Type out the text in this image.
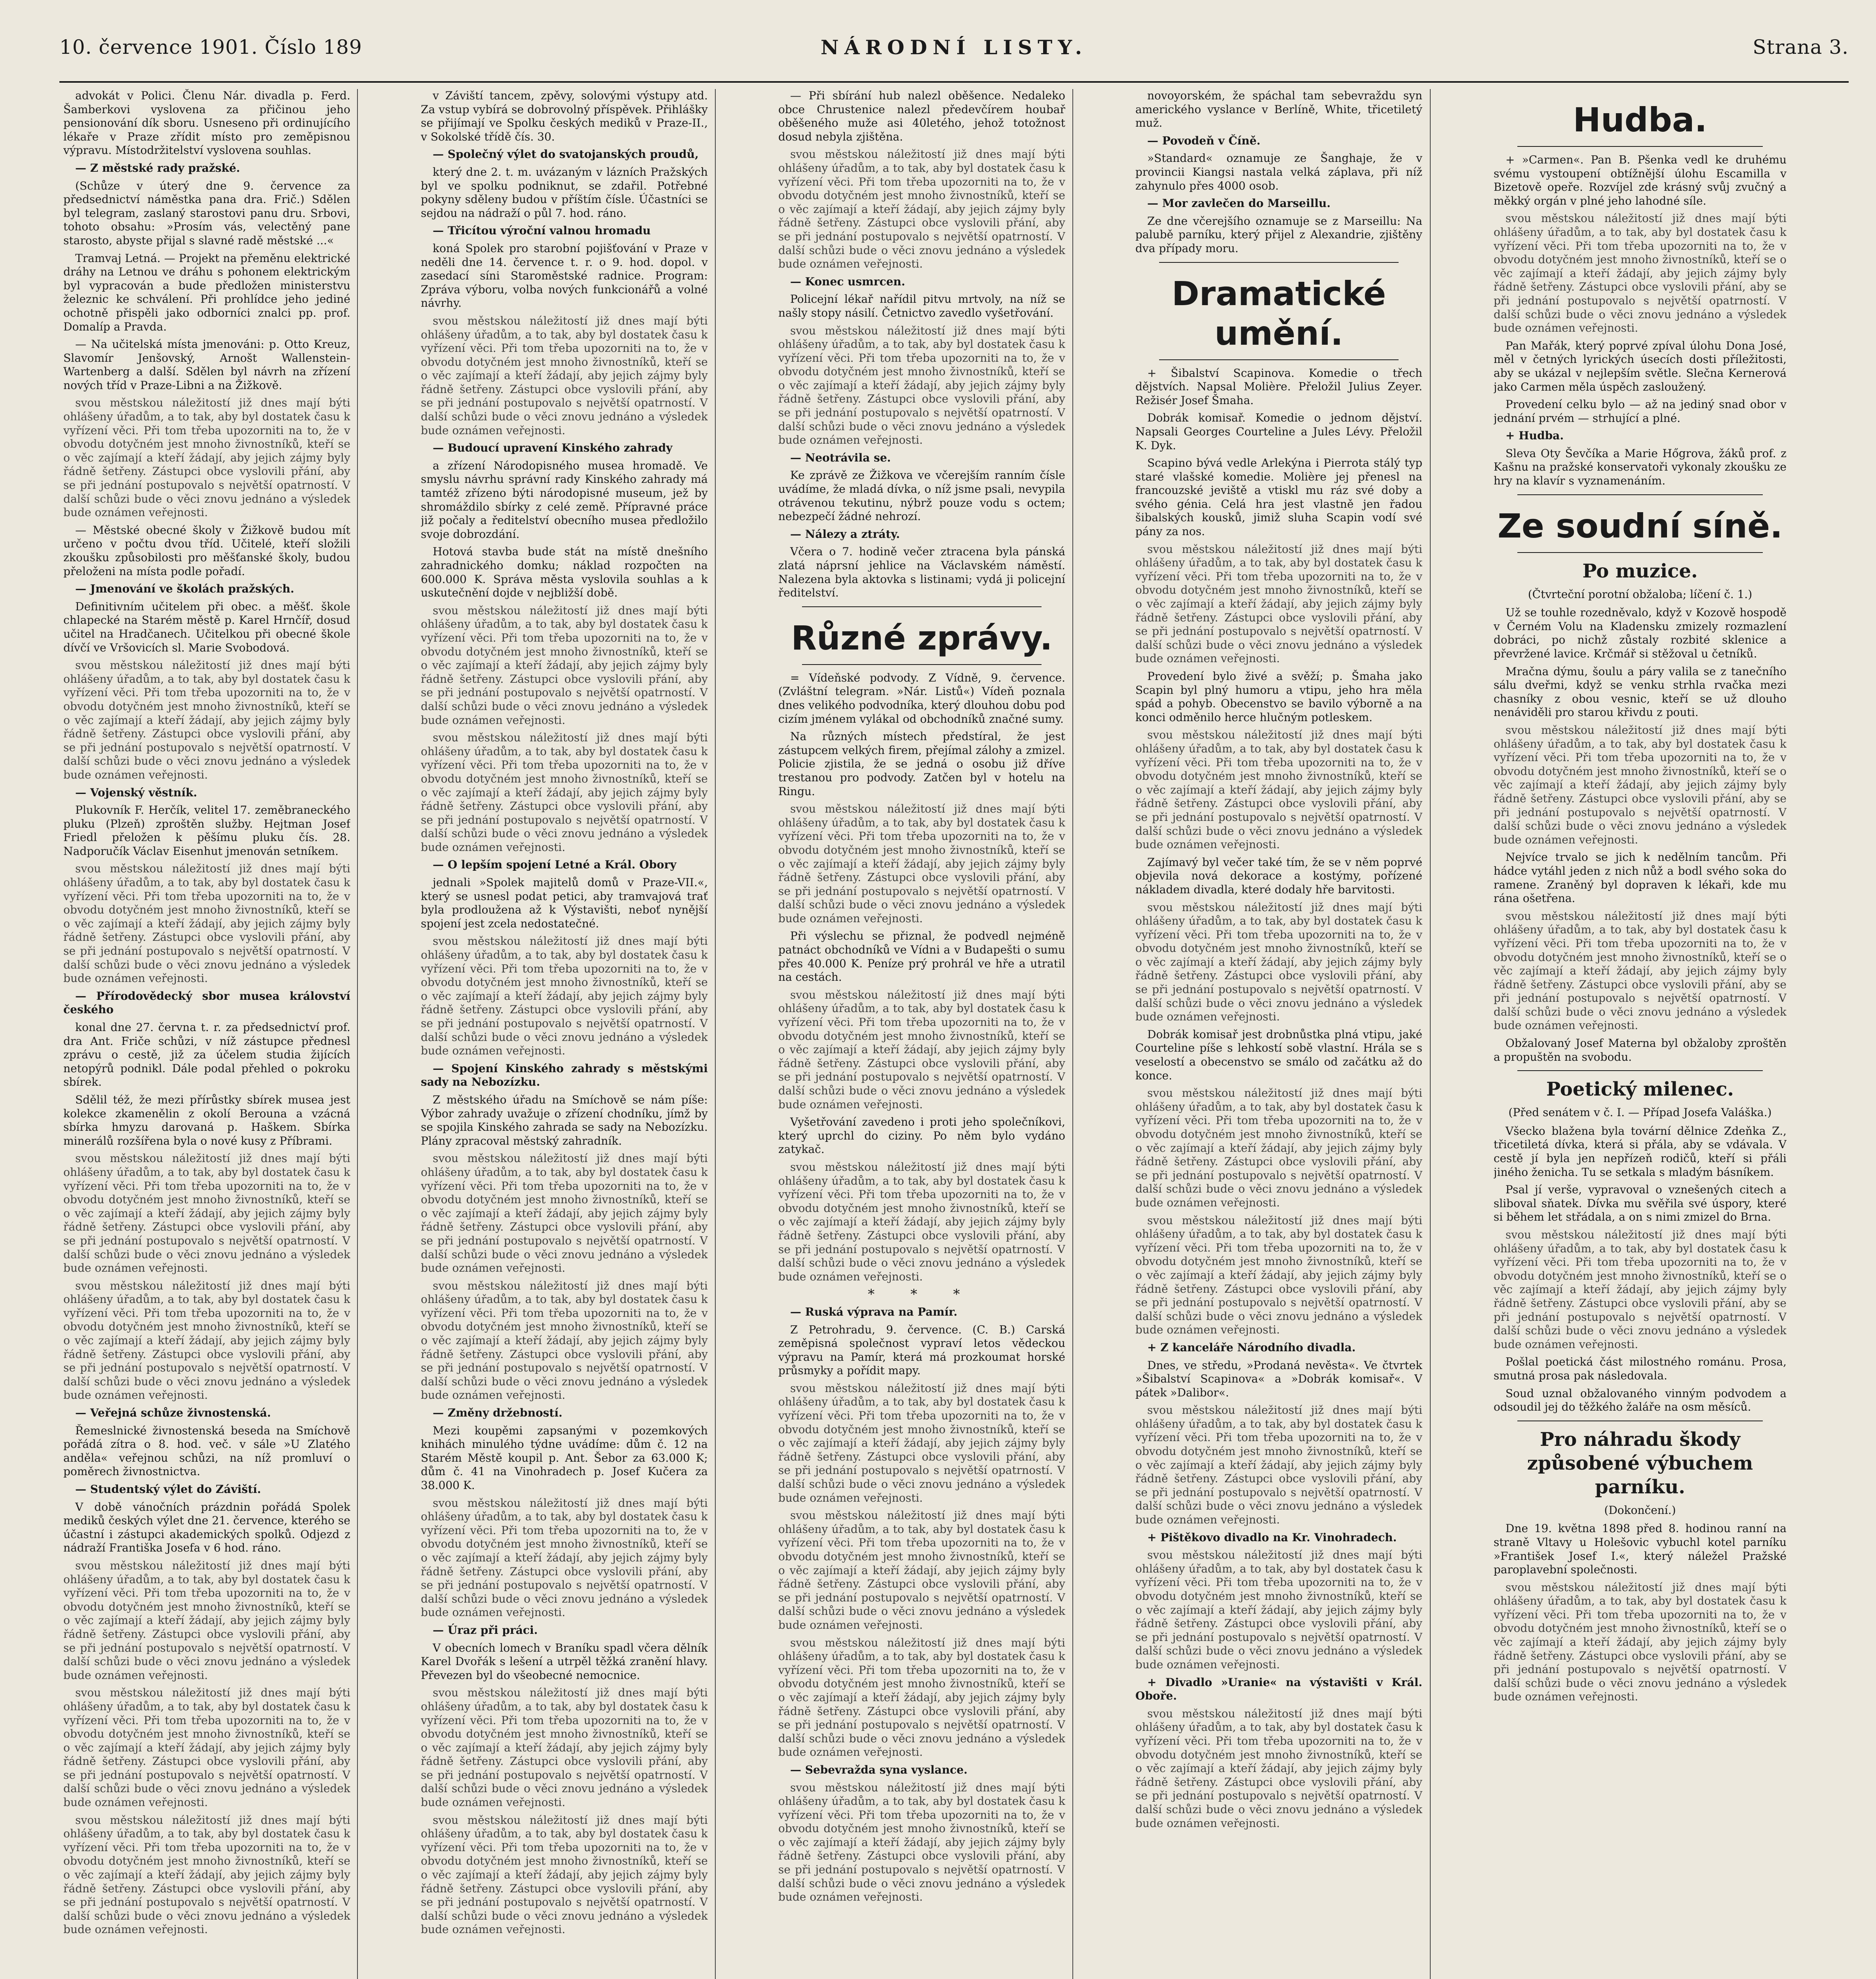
10. července 1901. Číslo 189	NÁRODNÍ LISTY.	Strana 3.

advokát v Polici. Členu Nár. divadla p. Ferd. Šamberkovi vyslovena za přičinou jeho pensionování dík sboru. Usneseno při ordinujícího lékaře v Praze zřídit místo pro zeměpisnou výpravu. Místodržitelství vyslovena souhlas.

— Z městské rady pražské.

(Schůze v úterý dne 9. července za předsednictví náměstka pana dra. Frič.) Sdělen byl telegram, zaslaný starostovi panu dru. Srbovi, tohoto obsahu: »Prosím vás, velectěný pane starosto, abyste přijal s slavné radě městské ...«

Tramvaj Letná. — Projekt na přeměnu elektrické dráhy na Letnou ve dráhu s pohonem elektrickým byl vypracován a bude předložen ministerstvu železnic ke schválení. Při prohlídce jeho jediné ochotně přispěli jako odborníci znalci pp. prof. Domalíp a Pravda.

— Na učitelská místa jmenováni: p. Otto Kreuz, Slavomír Jenšovský, Arnošt Wallenstein-Wartenberg a další. Sdělen byl návrh na zřízení nových tříd v Praze-Libni a na Žižkově.

svou městskou náležitostí již dnes mají býti ohlášeny úřadům, a to tak, aby byl dostatek času k vyřízení věci. Při tom třeba upozorniti na to, že v obvodu dotyčném jest mnoho živnostníků, kteří se o věc zajímají a kteří žádají, aby jejich zájmy byly řádně šetřeny. Zástupci obce vyslovili přání, aby se při jednání postupovalo s největší opatrností. V další schůzi bude o věci znovu jednáno a výsledek bude oznámen veřejnosti.

— Městské obecné školy v Žižkově budou mít určeno v počtu dvou tříd. Učitelé, kteří složili zkoušku způsobilosti pro měšťanské školy, budou přeloženi na místa podle pořadí.

— Jmenování ve školách pražských.

Definitivním učitelem při obec. a měšť. škole chlapecké na Starém městě p. Karel Hrnčíř, dosud učitel na Hradčanech. Učitelkou při obecné škole dívčí ve Vršovicích sl. Marie Svobodová.

svou městskou náležitostí již dnes mají býti ohlášeny úřadům, a to tak, aby byl dostatek času k vyřízení věci. Při tom třeba upozorniti na to, že v obvodu dotyčném jest mnoho živnostníků, kteří se o věc zajímají a kteří žádají, aby jejich zájmy byly řádně šetřeny. Zástupci obce vyslovili přání, aby se při jednání postupovalo s největší opatrností. V další schůzi bude o věci znovu jednáno a výsledek bude oznámen veřejnosti.

— Vojenský věstník.

Plukovník F. Herčík, velitel 17. zeměbraneckého pluku (Plzeň) zproštěn služby. Hejtman Josef Friedl přeložen k pěšímu pluku čís. 28. Nadporučík Václav Eisenhut jmenován setníkem.

svou městskou náležitostí již dnes mají býti ohlášeny úřadům, a to tak, aby byl dostatek času k vyřízení věci. Při tom třeba upozorniti na to, že v obvodu dotyčném jest mnoho živnostníků, kteří se o věc zajímají a kteří žádají, aby jejich zájmy byly řádně šetřeny. Zástupci obce vyslovili přání, aby se při jednání postupovalo s největší opatrností. V další schůzi bude o věci znovu jednáno a výsledek bude oznámen veřejnosti.

— Přírodovědecký sbor musea království českého

konal dne 27. června t. r. za předsednictví prof. dra Ant. Friče schůzi, v níž zástupce přednesl zprávu o cestě, již za účelem studia žijících netopýrů podnikl. Dále podal přehled o pokroku sbírek.

Sdělil též, že mezi přírůstky sbírek musea jest kolekce zkamenělin z okolí Berouna a vzácná sbírka hmyzu darovaná p. Haškem. Sbírka minerálů rozšířena byla o nové kusy z Příbrami.

svou městskou náležitostí již dnes mají býti ohlášeny úřadům, a to tak, aby byl dostatek času k vyřízení věci. Při tom třeba upozorniti na to, že v obvodu dotyčném jest mnoho živnostníků, kteří se o věc zajímají a kteří žádají, aby jejich zájmy byly řádně šetřeny. Zástupci obce vyslovili přání, aby se při jednání postupovalo s největší opatrností. V další schůzi bude o věci znovu jednáno a výsledek bude oznámen veřejnosti.

svou městskou náležitostí již dnes mají býti ohlášeny úřadům, a to tak, aby byl dostatek času k vyřízení věci. Při tom třeba upozorniti na to, že v obvodu dotyčném jest mnoho živnostníků, kteří se o věc zajímají a kteří žádají, aby jejich zájmy byly řádně šetřeny. Zástupci obce vyslovili přání, aby se při jednání postupovalo s největší opatrností. V další schůzi bude o věci znovu jednáno a výsledek bude oznámen veřejnosti.

— Veřejná schůze živnostenská.

Řemeslnické živnostenská beseda na Smíchově pořádá zítra o 8. hod. več. v sále »U Zlatého anděla« veřejnou schůzi, na níž promluví o poměrech živnostnictva.

— Studentský výlet do Záviští.

V době vánočních prázdnin pořádá Spolek mediků českých výlet dne 21. července, kterého se účastní i zástupci akademických spolků. Odjezd z nádraží Františka Josefa v 6 hod. ráno.

svou městskou náležitostí již dnes mají býti ohlášeny úřadům, a to tak, aby byl dostatek času k vyřízení věci. Při tom třeba upozorniti na to, že v obvodu dotyčném jest mnoho živnostníků, kteří se o věc zajímají a kteří žádají, aby jejich zájmy byly řádně šetřeny. Zástupci obce vyslovili přání, aby se při jednání postupovalo s největší opatrností. V další schůzi bude o věci znovu jednáno a výsledek bude oznámen veřejnosti.

svou městskou náležitostí již dnes mají býti ohlášeny úřadům, a to tak, aby byl dostatek času k vyřízení věci. Při tom třeba upozorniti na to, že v obvodu dotyčném jest mnoho živnostníků, kteří se o věc zajímají a kteří žádají, aby jejich zájmy byly řádně šetřeny. Zástupci obce vyslovili přání, aby se při jednání postupovalo s největší opatrností. V další schůzi bude o věci znovu jednáno a výsledek bude oznámen veřejnosti.

svou městskou náležitostí již dnes mají býti ohlášeny úřadům, a to tak, aby byl dostatek času k vyřízení věci. Při tom třeba upozorniti na to, že v obvodu dotyčném jest mnoho živnostníků, kteří se o věc zajímají a kteří žádají, aby jejich zájmy byly řádně šetřeny. Zástupci obce vyslovili přání, aby se při jednání postupovalo s největší opatrností. V další schůzi bude o věci znovu jednáno a výsledek bude oznámen veřejnosti.

v Záviští tancem, zpěvy, solovými výstupy atd. Za vstup vybírá se dobrovolný příspěvek. Přihlášky se přijímají ve Spolku českých mediků v Praze-II., v Sokolské třídě čís. 30.

— Společný výlet do svatojanských proudů,

který dne 2. t. m. uvázaným v lázních Pražských byl ve spolku podniknut, se zdařil. Potřebné pokyny sděleny budou v příštím čísle. Účastníci se sejdou na nádraží o půl 7. hod. ráno.

— Třicítou výroční valnou hromadu

koná Spolek pro starobní pojišťování v Praze v neděli dne 14. července t. r. o 9. hod. dopol. v zasedací síni Staroměstské radnice. Program: Zpráva výboru, volba nových funkcionářů a volné návrhy.

svou městskou náležitostí již dnes mají býti ohlášeny úřadům, a to tak, aby byl dostatek času k vyřízení věci. Při tom třeba upozorniti na to, že v obvodu dotyčném jest mnoho živnostníků, kteří se o věc zajímají a kteří žádají, aby jejich zájmy byly řádně šetřeny. Zástupci obce vyslovili přání, aby se při jednání postupovalo s největší opatrností. V další schůzi bude o věci znovu jednáno a výsledek bude oznámen veřejnosti.

— Budoucí upravení Kinského zahrady

a zřízení Národopisného musea hromadě. Ve smyslu návrhu správní rady Kinského zahrady má tamtéž zřízeno býti národopisné museum, jež by shromáždilo sbírky z celé země. Přípravné práce již počaly a ředitelství obecního musea předložilo svoje dobrozdání.

Hotová stavba bude stát na místě dnešního zahradnického domku; náklad rozpočten na 600.000 K. Správa města vyslovila souhlas a k uskutečnění dojde v nejbližší době.

svou městskou náležitostí již dnes mají býti ohlášeny úřadům, a to tak, aby byl dostatek času k vyřízení věci. Při tom třeba upozorniti na to, že v obvodu dotyčném jest mnoho živnostníků, kteří se o věc zajímají a kteří žádají, aby jejich zájmy byly řádně šetřeny. Zástupci obce vyslovili přání, aby se při jednání postupovalo s největší opatrností. V další schůzi bude o věci znovu jednáno a výsledek bude oznámen veřejnosti.

svou městskou náležitostí již dnes mají býti ohlášeny úřadům, a to tak, aby byl dostatek času k vyřízení věci. Při tom třeba upozorniti na to, že v obvodu dotyčném jest mnoho živnostníků, kteří se o věc zajímají a kteří žádají, aby jejich zájmy byly řádně šetřeny. Zástupci obce vyslovili přání, aby se při jednání postupovalo s největší opatrností. V další schůzi bude o věci znovu jednáno a výsledek bude oznámen veřejnosti.

— O lepším spojení Letné a Král. Obory

jednali »Spolek majitelů domů v Praze-VII.«, který se usnesl podat petici, aby tramvajová trať byla prodloužena až k Výstavišti, neboť nynější spojení jest zcela nedostatečné.

svou městskou náležitostí již dnes mají býti ohlášeny úřadům, a to tak, aby byl dostatek času k vyřízení věci. Při tom třeba upozorniti na to, že v obvodu dotyčném jest mnoho živnostníků, kteří se o věc zajímají a kteří žádají, aby jejich zájmy byly řádně šetřeny. Zástupci obce vyslovili přání, aby se při jednání postupovalo s největší opatrností. V další schůzi bude o věci znovu jednáno a výsledek bude oznámen veřejnosti.

— Spojení Kinského zahrady s městskými sady na Nebozízku.

Z městského úřadu na Smíchově se nám píše: Výbor zahrady uvažuje o zřízení chodníku, jímž by se spojila Kinského zahrada se sady na Nebozízku. Plány zpracoval městský zahradník.

svou městskou náležitostí již dnes mají býti ohlášeny úřadům, a to tak, aby byl dostatek času k vyřízení věci. Při tom třeba upozorniti na to, že v obvodu dotyčném jest mnoho živnostníků, kteří se o věc zajímají a kteří žádají, aby jejich zájmy byly řádně šetřeny. Zástupci obce vyslovili přání, aby se při jednání postupovalo s největší opatrností. V další schůzi bude o věci znovu jednáno a výsledek bude oznámen veřejnosti.

svou městskou náležitostí již dnes mají býti ohlášeny úřadům, a to tak, aby byl dostatek času k vyřízení věci. Při tom třeba upozorniti na to, že v obvodu dotyčném jest mnoho živnostníků, kteří se o věc zajímají a kteří žádají, aby jejich zájmy byly řádně šetřeny. Zástupci obce vyslovili přání, aby se při jednání postupovalo s největší opatrností. V další schůzi bude o věci znovu jednáno a výsledek bude oznámen veřejnosti.

— Změny držebností.

Mezi koupěmi zapsanými v pozemkových knihách minulého týdne uvádíme: dům č. 12 na Starém Městě koupil p. Ant. Šebor za 63.000 K; dům č. 41 na Vinohradech p. Josef Kučera za 38.000 K.

svou městskou náležitostí již dnes mají býti ohlášeny úřadům, a to tak, aby byl dostatek času k vyřízení věci. Při tom třeba upozorniti na to, že v obvodu dotyčném jest mnoho živnostníků, kteří se o věc zajímají a kteří žádají, aby jejich zájmy byly řádně šetřeny. Zástupci obce vyslovili přání, aby se při jednání postupovalo s největší opatrností. V další schůzi bude o věci znovu jednáno a výsledek bude oznámen veřejnosti.

— Úraz při práci.

V obecních lomech v Braníku spadl včera dělník Karel Dvořák s lešení a utrpěl těžká zranění hlavy. Převezen byl do všeobecné nemocnice.

svou městskou náležitostí již dnes mají býti ohlášeny úřadům, a to tak, aby byl dostatek času k vyřízení věci. Při tom třeba upozorniti na to, že v obvodu dotyčném jest mnoho živnostníků, kteří se o věc zajímají a kteří žádají, aby jejich zájmy byly řádně šetřeny. Zástupci obce vyslovili přání, aby se při jednání postupovalo s největší opatrností. V další schůzi bude o věci znovu jednáno a výsledek bude oznámen veřejnosti.

svou městskou náležitostí již dnes mají býti ohlášeny úřadům, a to tak, aby byl dostatek času k vyřízení věci. Při tom třeba upozorniti na to, že v obvodu dotyčném jest mnoho živnostníků, kteří se o věc zajímají a kteří žádají, aby jejich zájmy byly řádně šetřeny. Zástupci obce vyslovili přání, aby se při jednání postupovalo s největší opatrností. V další schůzi bude o věci znovu jednáno a výsledek bude oznámen veřejnosti.

— Při sbírání hub nalezl oběšence. Nedaleko obce Chrustenice nalezl předevčírem houbař oběšeného muže asi 40letého, jehož totožnost dosud nebyla zjištěna.

svou městskou náležitostí již dnes mají býti ohlášeny úřadům, a to tak, aby byl dostatek času k vyřízení věci. Při tom třeba upozorniti na to, že v obvodu dotyčném jest mnoho živnostníků, kteří se o věc zajímají a kteří žádají, aby jejich zájmy byly řádně šetřeny. Zástupci obce vyslovili přání, aby se při jednání postupovalo s největší opatrností. V další schůzi bude o věci znovu jednáno a výsledek bude oznámen veřejnosti.

— Konec usmrcen.

Policejní lékař nařídil pitvu mrtvoly, na níž se našly stopy násilí. Četnictvo zavedlo vyšetřování.

svou městskou náležitostí již dnes mají býti ohlášeny úřadům, a to tak, aby byl dostatek času k vyřízení věci. Při tom třeba upozorniti na to, že v obvodu dotyčném jest mnoho živnostníků, kteří se o věc zajímají a kteří žádají, aby jejich zájmy byly řádně šetřeny. Zástupci obce vyslovili přání, aby se při jednání postupovalo s největší opatrností. V další schůzi bude o věci znovu jednáno a výsledek bude oznámen veřejnosti.

— Neotrávila se.

Ke zprávě ze Žižkova ve včerejším ranním čísle uvádíme, že mladá dívka, o níž jsme psali, nevypila otrávenou tekutinu, nýbrž pouze vodu s octem; nebezpečí žádné nehrozí.

— Nálezy a ztráty.

Včera o 7. hodině večer ztracena byla pánská zlatá náprsní jehlice na Václavském náměstí. Nalezena byla aktovka s listinami; vydá ji policejní ředitelství.

Různé zprávy.

= Vídeňské podvody. Z Vídně, 9. července. (Zvláštní telegram. »Nár. Listů«) Vídeň poznala dnes velikého podvodníka, který dlouhou dobu pod cizím jménem vylákal od obchodníků značné sumy.

Na různých místech předstíral, že jest zástupcem velkých firem, přejímal zálohy a zmizel. Policie zjistila, že se jedná o osobu již dříve trestanou pro podvody. Zatčen byl v hotelu na Ringu.

svou městskou náležitostí již dnes mají býti ohlášeny úřadům, a to tak, aby byl dostatek času k vyřízení věci. Při tom třeba upozorniti na to, že v obvodu dotyčném jest mnoho živnostníků, kteří se o věc zajímají a kteří žádají, aby jejich zájmy byly řádně šetřeny. Zástupci obce vyslovili přání, aby se při jednání postupovalo s největší opatrností. V další schůzi bude o věci znovu jednáno a výsledek bude oznámen veřejnosti.

Při výslechu se přiznal, že podvedl nejméně patnáct obchodníků ve Vídni a v Budapešti o sumu přes 40.000 K. Peníze prý prohrál ve hře a utratil na cestách.

svou městskou náležitostí již dnes mají býti ohlášeny úřadům, a to tak, aby byl dostatek času k vyřízení věci. Při tom třeba upozorniti na to, že v obvodu dotyčném jest mnoho živnostníků, kteří se o věc zajímají a kteří žádají, aby jejich zájmy byly řádně šetřeny. Zástupci obce vyslovili přání, aby se při jednání postupovalo s největší opatrností. V další schůzi bude o věci znovu jednáno a výsledek bude oznámen veřejnosti.

Vyšetřování zavedeno i proti jeho společníkovi, který uprchl do ciziny. Po něm bylo vydáno zatykač.

svou městskou náležitostí již dnes mají býti ohlášeny úřadům, a to tak, aby byl dostatek času k vyřízení věci. Při tom třeba upozorniti na to, že v obvodu dotyčném jest mnoho živnostníků, kteří se o věc zajímají a kteří žádají, aby jejich zájmy byly řádně šetřeny. Zástupci obce vyslovili přání, aby se při jednání postupovalo s největší opatrností. V další schůzi bude o věci znovu jednáno a výsledek bude oznámen veřejnosti.

* * *

— Ruská výprava na Pamír.

Z Petrohradu, 9. července. (C. B.) Carská zeměpisná společnost vypraví letos vědeckou výpravu na Pamír, která má prozkoumat horské průsmyky a pořídit mapy.

svou městskou náležitostí již dnes mají býti ohlášeny úřadům, a to tak, aby byl dostatek času k vyřízení věci. Při tom třeba upozorniti na to, že v obvodu dotyčném jest mnoho živnostníků, kteří se o věc zajímají a kteří žádají, aby jejich zájmy byly řádně šetřeny. Zástupci obce vyslovili přání, aby se při jednání postupovalo s největší opatrností. V další schůzi bude o věci znovu jednáno a výsledek bude oznámen veřejnosti.

svou městskou náležitostí již dnes mají býti ohlášeny úřadům, a to tak, aby byl dostatek času k vyřízení věci. Při tom třeba upozorniti na to, že v obvodu dotyčném jest mnoho živnostníků, kteří se o věc zajímají a kteří žádají, aby jejich zájmy byly řádně šetřeny. Zástupci obce vyslovili přání, aby se při jednání postupovalo s největší opatrností. V další schůzi bude o věci znovu jednáno a výsledek bude oznámen veřejnosti.

svou městskou náležitostí již dnes mají býti ohlášeny úřadům, a to tak, aby byl dostatek času k vyřízení věci. Při tom třeba upozorniti na to, že v obvodu dotyčném jest mnoho živnostníků, kteří se o věc zajímají a kteří žádají, aby jejich zájmy byly řádně šetřeny. Zástupci obce vyslovili přání, aby se při jednání postupovalo s největší opatrností. V další schůzi bude o věci znovu jednáno a výsledek bude oznámen veřejnosti.

— Sebevražda syna vyslance.

svou městskou náležitostí již dnes mají býti ohlášeny úřadům, a to tak, aby byl dostatek času k vyřízení věci. Při tom třeba upozorniti na to, že v obvodu dotyčném jest mnoho živnostníků, kteří se o věc zajímají a kteří žádají, aby jejich zájmy byly řádně šetřeny. Zástupci obce vyslovili přání, aby se při jednání postupovalo s největší opatrností. V další schůzi bude o věci znovu jednáno a výsledek bude oznámen veřejnosti.

novoyorském, že spáchal tam sebevraždu syn amerického vyslance v Berlíně, White, třicetiletý muž.

— Povodeň v Číně.

»Standard« oznamuje ze Šanghaje, že v provincii Kiangsi nastala velká záplava, při níž zahynulo přes 4000 osob.

— Mor zavlečen do Marseillu.

Ze dne včerejšího oznamuje se z Marseillu: Na palubě parníku, který přijel z Alexandrie, zjištěny dva případy moru.

Dramatické umění.

+ Šibalství Scapinova. Komedie o třech dějstvích. Napsal Molière. Přeložil Julius Zeyer. Režisér Josef Šmaha.

Dobrák komisař. Komedie o jednom dějství. Napsali Georges Courteline a Jules Lévy. Přeložil K. Dyk.

Scapino bývá vedle Arlekýna i Pierrota stálý typ staré vlašské komedie. Molière jej přenesl na francouzské jeviště a vtiskl mu ráz své doby a svého génia. Celá hra jest vlastně jen řadou šibalských kousků, jimiž sluha Scapin vodí své pány za nos.

svou městskou náležitostí již dnes mají býti ohlášeny úřadům, a to tak, aby byl dostatek času k vyřízení věci. Při tom třeba upozorniti na to, že v obvodu dotyčném jest mnoho živnostníků, kteří se o věc zajímají a kteří žádají, aby jejich zájmy byly řádně šetřeny. Zástupci obce vyslovili přání, aby se při jednání postupovalo s největší opatrností. V další schůzi bude o věci znovu jednáno a výsledek bude oznámen veřejnosti.

Provedení bylo živé a svěží; p. Šmaha jako Scapin byl plný humoru a vtipu, jeho hra měla spád a pohyb. Obecenstvo se bavilo výborně a na konci odměnilo herce hlučným potleskem.

svou městskou náležitostí již dnes mají býti ohlášeny úřadům, a to tak, aby byl dostatek času k vyřízení věci. Při tom třeba upozorniti na to, že v obvodu dotyčném jest mnoho živnostníků, kteří se o věc zajímají a kteří žádají, aby jejich zájmy byly řádně šetřeny. Zástupci obce vyslovili přání, aby se při jednání postupovalo s největší opatrností. V další schůzi bude o věci znovu jednáno a výsledek bude oznámen veřejnosti.

Zajímavý byl večer také tím, že se v něm poprvé objevila nová dekorace a kostýmy, pořízené nákladem divadla, které dodaly hře barvitosti.

svou městskou náležitostí již dnes mají býti ohlášeny úřadům, a to tak, aby byl dostatek času k vyřízení věci. Při tom třeba upozorniti na to, že v obvodu dotyčném jest mnoho živnostníků, kteří se o věc zajímají a kteří žádají, aby jejich zájmy byly řádně šetřeny. Zástupci obce vyslovili přání, aby se při jednání postupovalo s největší opatrností. V další schůzi bude o věci znovu jednáno a výsledek bude oznámen veřejnosti.

Dobrák komisař jest drobnůstka plná vtipu, jaké Courteline píše s lehkostí sobě vlastní. Hrála se s veselostí a obecenstvo se smálo od začátku až do konce.

svou městskou náležitostí již dnes mají býti ohlášeny úřadům, a to tak, aby byl dostatek času k vyřízení věci. Při tom třeba upozorniti na to, že v obvodu dotyčném jest mnoho živnostníků, kteří se o věc zajímají a kteří žádají, aby jejich zájmy byly řádně šetřeny. Zástupci obce vyslovili přání, aby se při jednání postupovalo s největší opatrností. V další schůzi bude o věci znovu jednáno a výsledek bude oznámen veřejnosti.

svou městskou náležitostí již dnes mají býti ohlášeny úřadům, a to tak, aby byl dostatek času k vyřízení věci. Při tom třeba upozorniti na to, že v obvodu dotyčném jest mnoho živnostníků, kteří se o věc zajímají a kteří žádají, aby jejich zájmy byly řádně šetřeny. Zástupci obce vyslovili přání, aby se při jednání postupovalo s největší opatrností. V další schůzi bude o věci znovu jednáno a výsledek bude oznámen veřejnosti.

+ Z kanceláře Národního divadla.

Dnes, ve středu, »Prodaná nevěsta«. Ve čtvrtek »Šibalství Scapinova« a »Dobrák komisař«. V pátek »Dalibor«.

svou městskou náležitostí již dnes mají býti ohlášeny úřadům, a to tak, aby byl dostatek času k vyřízení věci. Při tom třeba upozorniti na to, že v obvodu dotyčném jest mnoho živnostníků, kteří se o věc zajímají a kteří žádají, aby jejich zájmy byly řádně šetřeny. Zástupci obce vyslovili přání, aby se při jednání postupovalo s největší opatrností. V další schůzi bude o věci znovu jednáno a výsledek bude oznámen veřejnosti.

+ Pištěkovo divadlo na Kr. Vinohradech.

svou městskou náležitostí již dnes mají býti ohlášeny úřadům, a to tak, aby byl dostatek času k vyřízení věci. Při tom třeba upozorniti na to, že v obvodu dotyčném jest mnoho živnostníků, kteří se o věc zajímají a kteří žádají, aby jejich zájmy byly řádně šetřeny. Zástupci obce vyslovili přání, aby se při jednání postupovalo s největší opatrností. V další schůzi bude o věci znovu jednáno a výsledek bude oznámen veřejnosti.

+ Divadlo »Uranie« na výstavišti v Král. Oboře.

svou městskou náležitostí již dnes mají býti ohlášeny úřadům, a to tak, aby byl dostatek času k vyřízení věci. Při tom třeba upozorniti na to, že v obvodu dotyčném jest mnoho živnostníků, kteří se o věc zajímají a kteří žádají, aby jejich zájmy byly řádně šetřeny. Zástupci obce vyslovili přání, aby se při jednání postupovalo s největší opatrností. V další schůzi bude o věci znovu jednáno a výsledek bude oznámen veřejnosti.

Hudba.

+ »Carmen«. Pan B. Pšenka vedl ke druhému svému vystoupení obtížnější úlohu Escamilla v Bizetově opeře. Rozvíjel zde krásný svůj zvučný a měkký orgán v plné jeho lahodné síle.

svou městskou náležitostí již dnes mají býti ohlášeny úřadům, a to tak, aby byl dostatek času k vyřízení věci. Při tom třeba upozorniti na to, že v obvodu dotyčném jest mnoho živnostníků, kteří se o věc zajímají a kteří žádají, aby jejich zájmy byly řádně šetřeny. Zástupci obce vyslovili přání, aby se při jednání postupovalo s největší opatrností. V další schůzi bude o věci znovu jednáno a výsledek bude oznámen veřejnosti.

Pan Mařák, který poprvé zpíval úlohu Dona José, měl v četných lyrických úsecích dosti příležitosti, aby se ukázal v nejlepším světle. Slečna Kernerová jako Carmen měla úspěch zasloužený.

Provedení celku bylo — až na jediný snad obor v jednání prvém — strhující a plné.

+ Hudba.

Sleva Oty Ševčíka a Marie Hőgrova, žáků prof. z Kašnu na pražské konservatoři vykonaly zkoušku ze hry na klavír s vyznamenáním.

Ze soudní síně.
Po muzice.
(Čtvrteční porotní obžaloba; líčení č. 1.)

Už se touhle rozedněvalo, když v Kozově hospodě v Černém Volu na Kladensku zmizely rozmazlení dobráci, po nichž zůstaly rozbité sklenice a převržené lavice. Krčmář si stěžoval u četníků.

Mračna dýmu, šoulu a páry valila se z tanečního sálu dveřmi, když se venku strhla rvačka mezi chasníky z obou vesnic, kteří se už dlouho nenáviděli pro starou křivdu z pouti.

svou městskou náležitostí již dnes mají býti ohlášeny úřadům, a to tak, aby byl dostatek času k vyřízení věci. Při tom třeba upozorniti na to, že v obvodu dotyčném jest mnoho živnostníků, kteří se o věc zajímají a kteří žádají, aby jejich zájmy byly řádně šetřeny. Zástupci obce vyslovili přání, aby se při jednání postupovalo s největší opatrností. V další schůzi bude o věci znovu jednáno a výsledek bude oznámen veřejnosti.

Nejvíce trvalo se jich k nedělním tancům. Při hádce vytáhl jeden z nich nůž a bodl svého soka do ramene. Zraněný byl dopraven k lékaři, kde mu rána ošetřena.

svou městskou náležitostí již dnes mají býti ohlášeny úřadům, a to tak, aby byl dostatek času k vyřízení věci. Při tom třeba upozorniti na to, že v obvodu dotyčném jest mnoho živnostníků, kteří se o věc zajímají a kteří žádají, aby jejich zájmy byly řádně šetřeny. Zástupci obce vyslovili přání, aby se při jednání postupovalo s největší opatrností. V další schůzi bude o věci znovu jednáno a výsledek bude oznámen veřejnosti.

Obžalovaný Josef Materna byl obžaloby zproštěn a propuštěn na svobodu.

Poetický milenec.
(Před senátem v č. I. — Případ Josefa Valáška.)

Všecko blažena byla tovární dělnice Zdeňka Z., třicetiletá dívka, která si přála, aby se vdávala. V cestě jí byla jen nepřízeň rodičů, kteří si přáli jiného ženicha. Tu se setkala s mladým básníkem.

Psal jí verše, vypravoval o vznešených citech a sliboval sňatek. Dívka mu svěřila své úspory, které si během let střádala, a on s nimi zmizel do Brna.

svou městskou náležitostí již dnes mají býti ohlášeny úřadům, a to tak, aby byl dostatek času k vyřízení věci. Při tom třeba upozorniti na to, že v obvodu dotyčném jest mnoho živnostníků, kteří se o věc zajímají a kteří žádají, aby jejich zájmy byly řádně šetřeny. Zástupci obce vyslovili přání, aby se při jednání postupovalo s největší opatrností. V další schůzi bude o věci znovu jednáno a výsledek bude oznámen veřejnosti.

Pošlal poetická část milostného románu. Prosa, smutná prosa pak následovala.

Soud uznal obžalovaného vinným podvodem a odsoudil jej do těžkého žaláře na osm měsíců.

Pro náhradu škody způsobené výbuchem parníku.
(Dokončení.)

Dne 19. května 1898 před 8. hodinou ranní na straně Vltavy u Holešovic vybuchl kotel parníku »František Josef I.«, který náležel Pražské paroplavební společnosti.

svou městskou náležitostí již dnes mají býti ohlášeny úřadům, a to tak, aby byl dostatek času k vyřízení věci. Při tom třeba upozorniti na to, že v obvodu dotyčném jest mnoho živnostníků, kteří se o věc zajímají a kteří žádají, aby jejich zájmy byly řádně šetřeny. Zástupci obce vyslovili přání, aby se při jednání postupovalo s největší opatrností. V další schůzi bude o věci znovu jednáno a výsledek bude oznámen veřejnosti.
